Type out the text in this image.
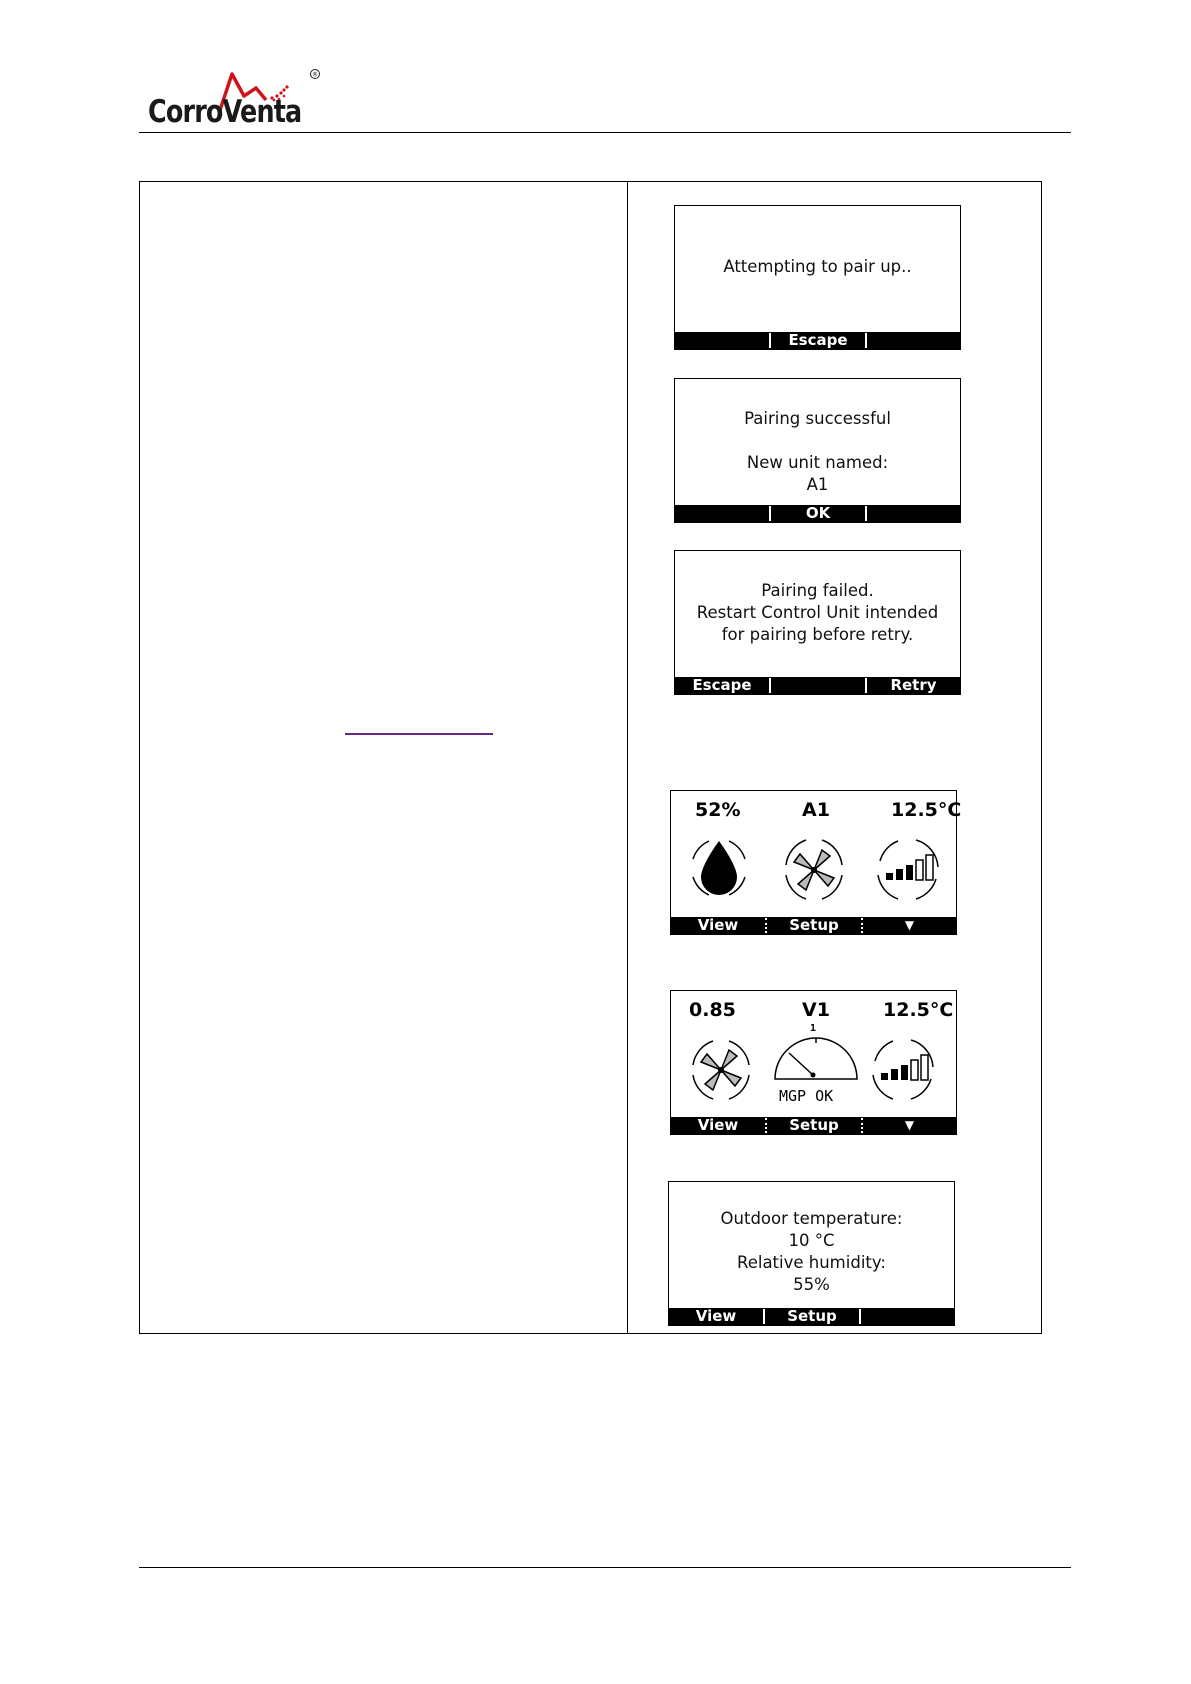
®
CorroVenta
Attempting to pair up..
Escape
Pairing successful
New unit named:
A1
OK
Pairing failed.
Restart Control Unit intended
for pairing before retry.
Escape	Retry
52%	A1	12.5°C
View	Setup	▼
0.85	V1	12.5°C
1
MGP OK
View	Setup	▼
Outdoor temperature:
10 °C
Relative humidity:
55%
View	Setup
